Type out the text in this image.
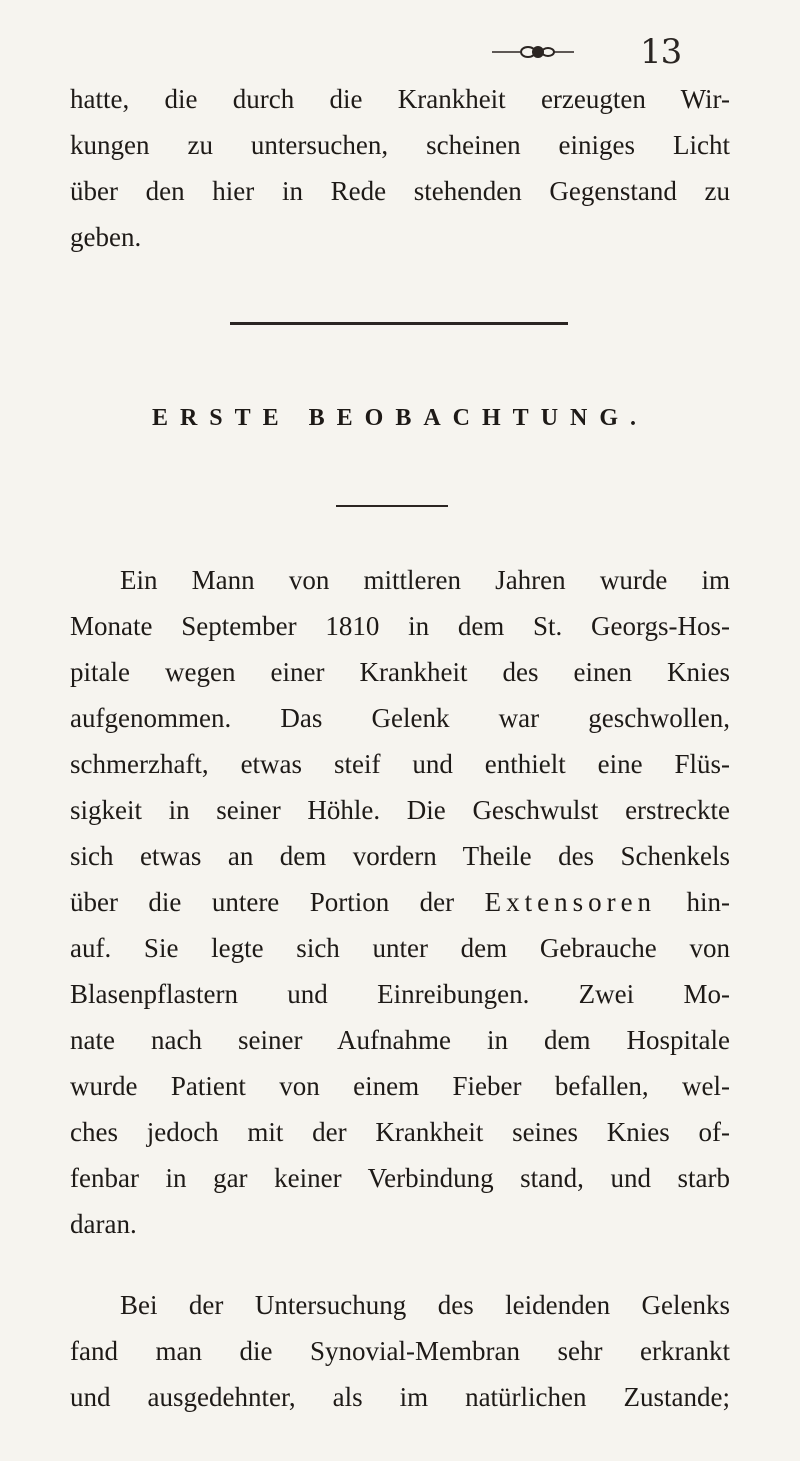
13
hatte, die durch die Krankheit erzeugten Wir-
kungen zu untersuchen, scheinen einiges Licht
über den hier in Rede stehenden Gegenstand zu
geben.
ERSTE BEOBACHTUNG.
Ein Mann von mittleren Jahren wurde im
Monate September 1810 in dem St. Georgs-Hos-
pitale wegen einer Krankheit des einen Knies
aufgenommen. Das Gelenk war geschwollen,
schmerzhaft, etwas steif und enthielt eine Flüs-
sigkeit in seiner Höhle. Die Geschwulst erstreckte
sich etwas an dem vordern Theile des Schenkels
über die untere Portion der Extensoren hin-
auf. Sie legte sich unter dem Gebrauche von
Blasenpflastern und Einreibungen. Zwei Mo-
nate nach seiner Aufnahme in dem Hospitale
wurde Patient von einem Fieber befallen, wel-
ches jedoch mit der Krankheit seines Knies of-
fenbar in gar keiner Verbindung stand, und starb
daran.
Bei der Untersuchung des leidenden Gelenks
fand man die Synovial-Membran sehr erkrankt
und ausgedehnter, als im natürlichen Zustande;
